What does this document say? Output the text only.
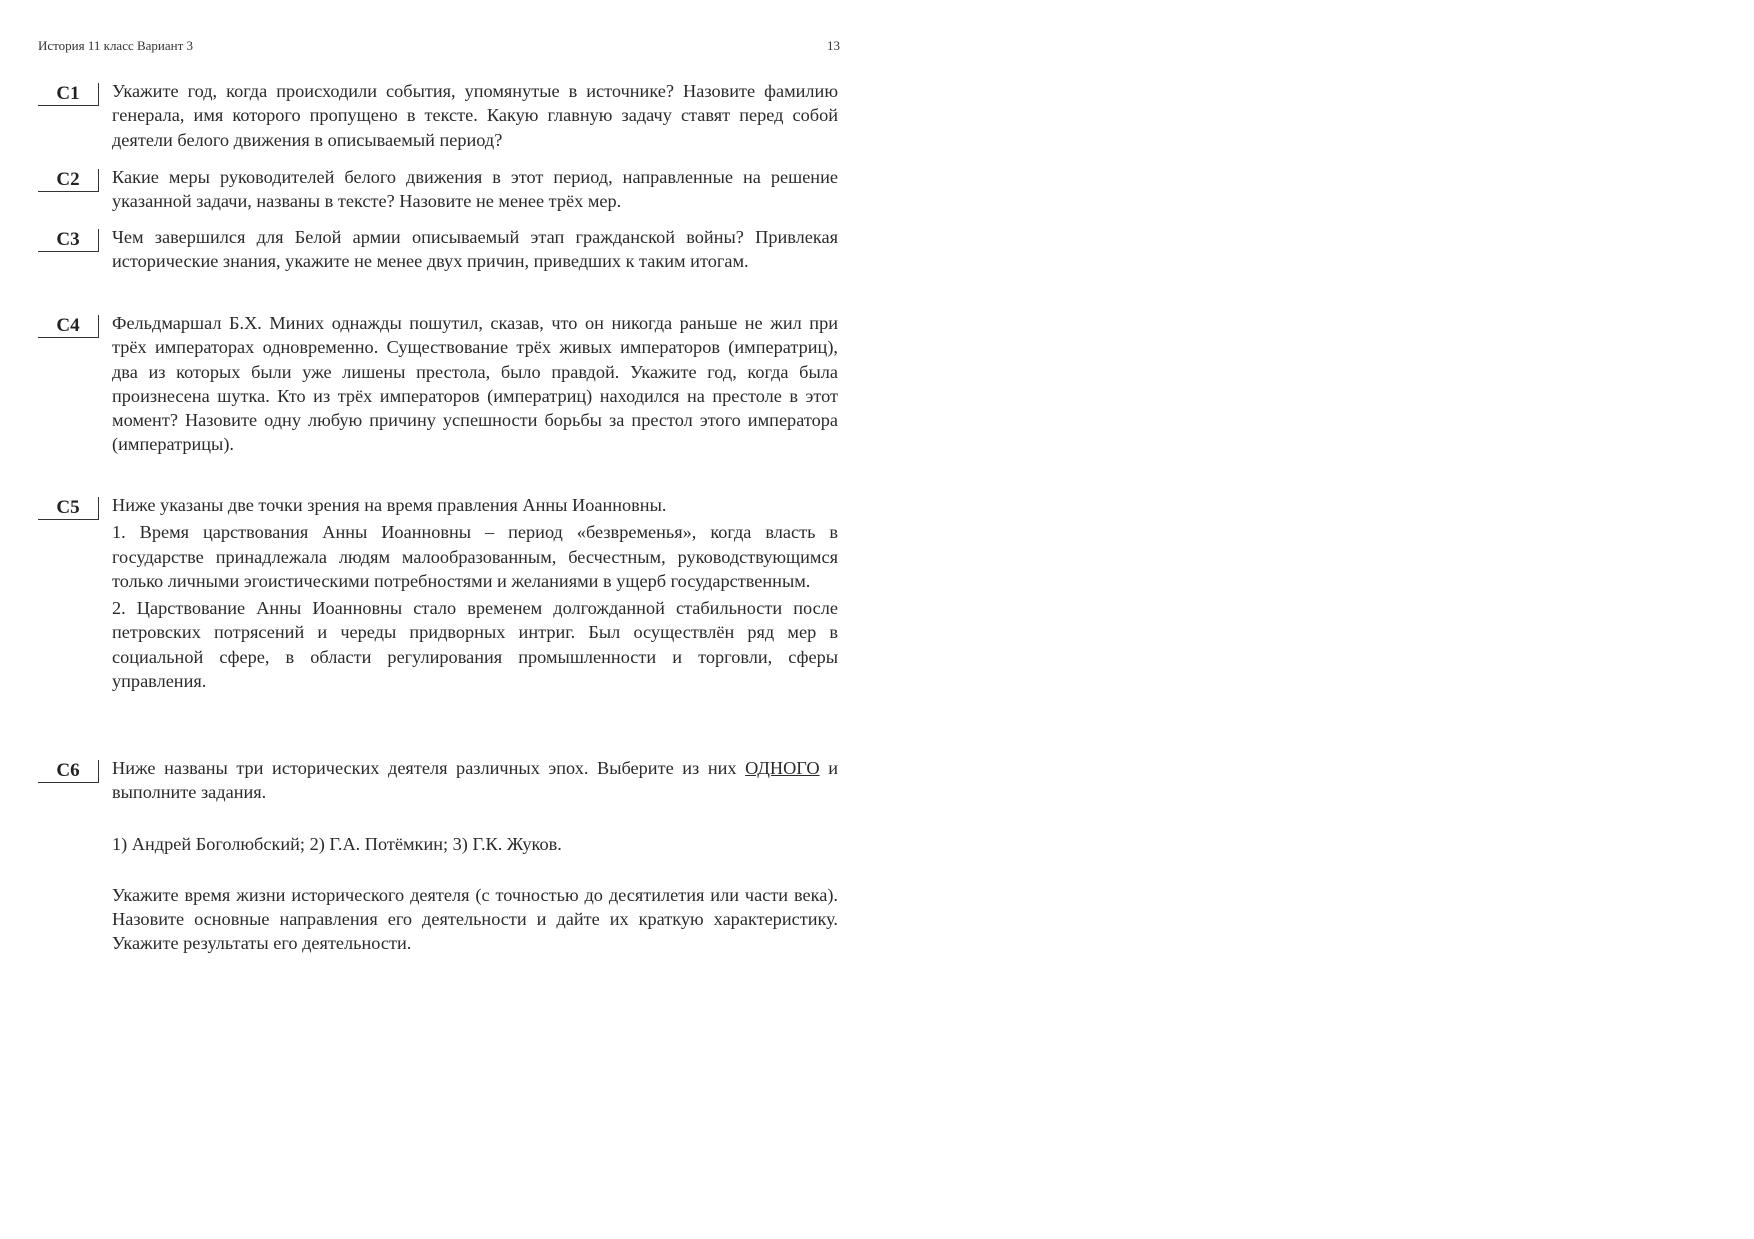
История 11 класс Вариант 3	13
С1	Укажите год, когда происходили события, упомянутые в источнике? Назовите фамилию генерала, имя которого пропущено в тексте. Какую главную задачу ставят перед собой деятели белого движения в описываемый период?

С2	Какие меры руководителей белого движения в этот период, направленные на решение указанной задачи, названы в тексте? Назовите не менее трёх мер.

С3	Чем завершился для Белой армии описываемый этап гражданской войны? Привлекая исторические знания, укажите не менее двух причин, приведших к таким итогам.

С4	Фельдмаршал Б.Х. Миних однажды пошутил, сказав, что он никогда раньше не жил при трёх императорах одновременно. Существование трёх живых императоров (императриц), два из которых были уже лишены престола, было правдой. Укажите год, когда была произнесена шутка. Кто из трёх императоров (императриц) находился на престоле в этот момент? Назовите одну любую причину успешности борьбы за престол этого императора (императрицы).

С5	Ниже указаны две точки зрения на время правления Анны Иоанновны.

1. Время царствования Анны Иоанновны – период «безвременья», когда власть в государстве принадлежала людям малообразованным, бесчестным, руководствующимся только личными эгоистическими потребностями и желаниями в ущерб государственным.

2. Царствование Анны Иоанновны стало временем долгожданной стабильности после петровских потрясений и череды придворных интриг. Был осуществлён ряд мер в социальной сфере, в области регулирования промышленности и торговли, сферы управления.

С6	Ниже названы три исторических деятеля различных эпох. Выберите из них ОДНОГО и выполните задания.

1) Андрей Боголюбский; 2) Г.А. Потёмкин; 3) Г.К. Жуков.

Укажите время жизни исторического деятеля (с точностью до десятилетия или части века). Назовите основные направления его деятельности и дайте их краткую характеристику. Укажите результаты его деятельности.
